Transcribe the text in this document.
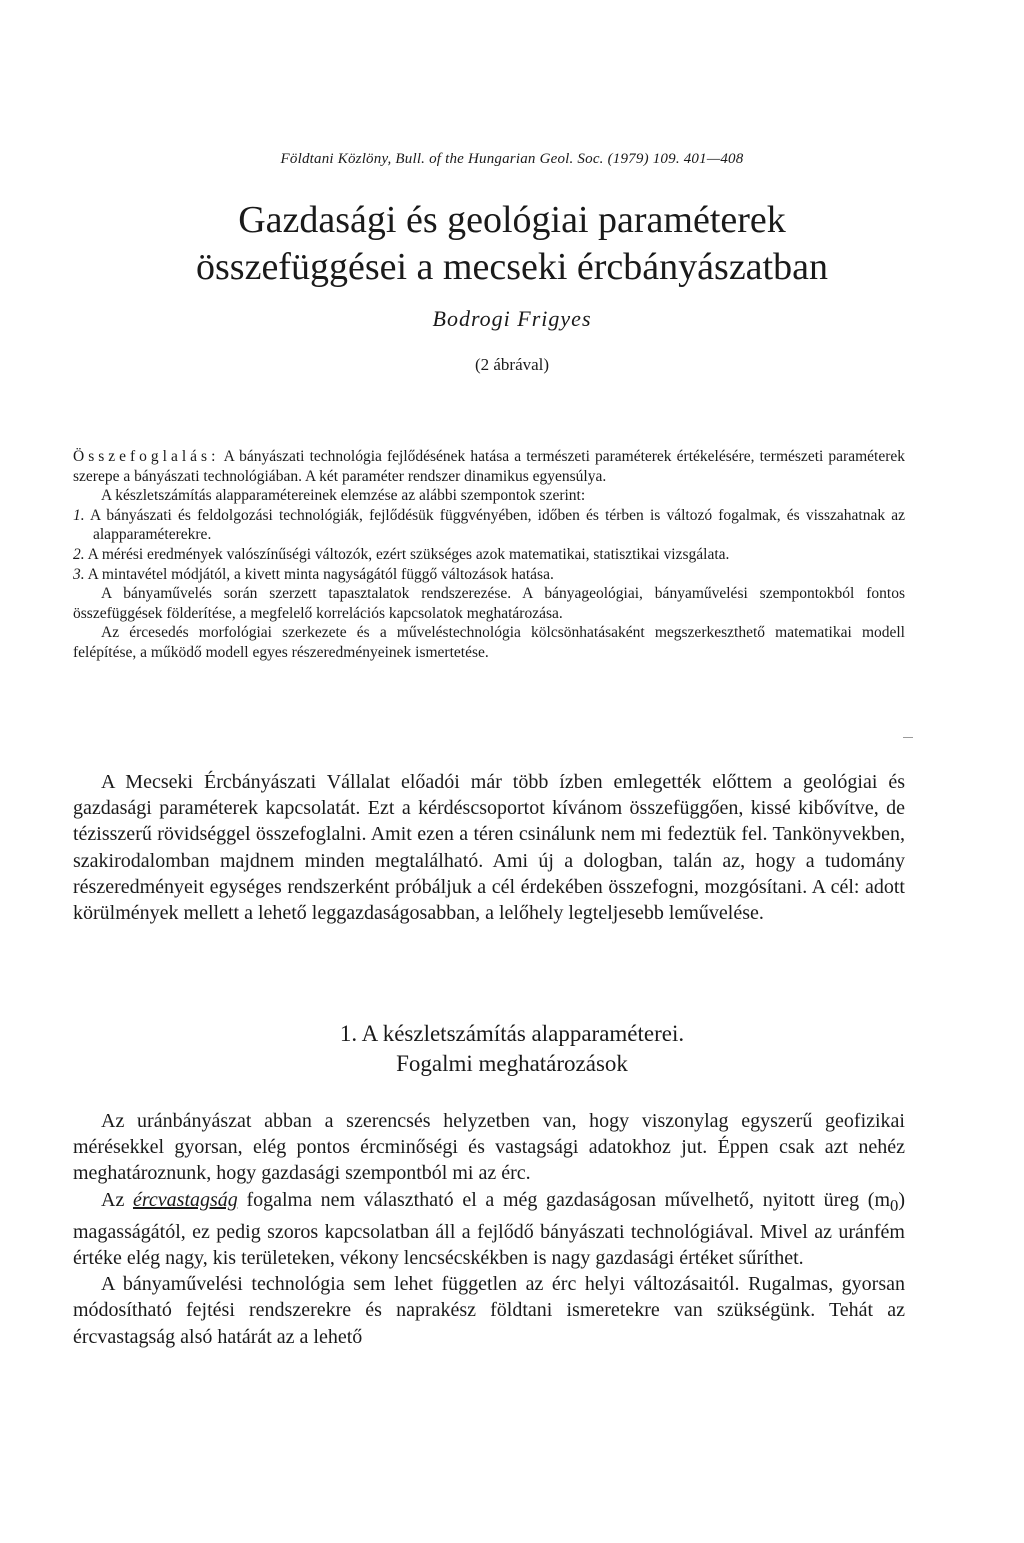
Földtani Közlöny, Bull. of the Hungarian Geol. Soc. (1979) 109. 401—408
Gazdasági és geológiai paraméterek
összefüggései a mecseki ércbányászatban
Bodrogi Frigyes
(2 ábrával)

Összefoglalás: A bányászati technológia fejlődésének hatása a természeti paraméterek értékelésére, természeti paraméterek szerepe a bányászati technológiában. A két paraméter rendszer dinamikus egyensúlya.

A készletszámítás alapparamétereinek elemzése az alábbi szempontok szerint:

1. A bányászati és feldolgozási technológiák, fejlődésük függvényében, időben és térben is változó fogalmak, és visszahatnak az alapparaméterekre.

2. A mérési eredmények valószínűségi változók, ezért szükséges azok matematikai, statisztikai vizsgálata.

3. A mintavétel módjától, a kivett minta nagyságától függő változások hatása.

A bányaművelés során szerzett tapasztalatok rendszerezése. A bányageológiai, bányaművelési szempontokból fontos összefüggések földerítése, a megfelelő korrelációs kapcsolatok meghatározása.

Az ércesedés morfológiai szerkezete és a műveléstechnológia kölcsönhatásaként megszerkeszthető matematikai modell felépítése, a működő modell egyes részeredményeinek ismertetése.

A Mecseki Ércbányászati Vállalat előadói már több ízben emlegették előttem a geológiai és gazdasági paraméterek kapcsolatát. Ezt a kérdéscsoportot kívánom összefüggően, kissé kibővítve, de tézisszerű rövidséggel összefoglalni. Amit ezen a téren csinálunk nem mi fedeztük fel. Tankönyvekben, szakirodalomban majdnem minden megtalálható. Ami új a dologban, talán az, hogy a tudomány részeredményeit egységes rendszerként próbáljuk a cél érdekében összefogni, mozgósítani. A cél: adott körülmények mellett a lehető leggazdaságosabban, a lelőhely legteljesebb leművelése.

1. A készletszámítás alapparaméterei.
Fogalmi meghatározások

Az uránbányászat abban a szerencsés helyzetben van, hogy viszonylag egyszerű geofizikai mérésekkel gyorsan, elég pontos ércminőségi és vastagsági adatokhoz jut. Éppen csak azt nehéz meghatároznunk, hogy gazdasági szempontból mi az érc.

Az ércvastagság fogalma nem választható el a még gazdaságosan művelhető, nyitott üreg $(m_0)$ magasságától, ez pedig szoros kapcsolatban áll a fejlődő bányászati technológiával. Mivel az uránfém értéke elég nagy, kis területeken, vékony lencsécskékben is nagy gazdasági értéket sűríthet.

A bányaművelési technológia sem lehet független az érc helyi változásaitól. Rugalmas, gyorsan módosítható fejtési rendszerekre és naprakész földtani ismeretekre van szükségünk. Tehát az ércvastagság alsó határát az a lehető
